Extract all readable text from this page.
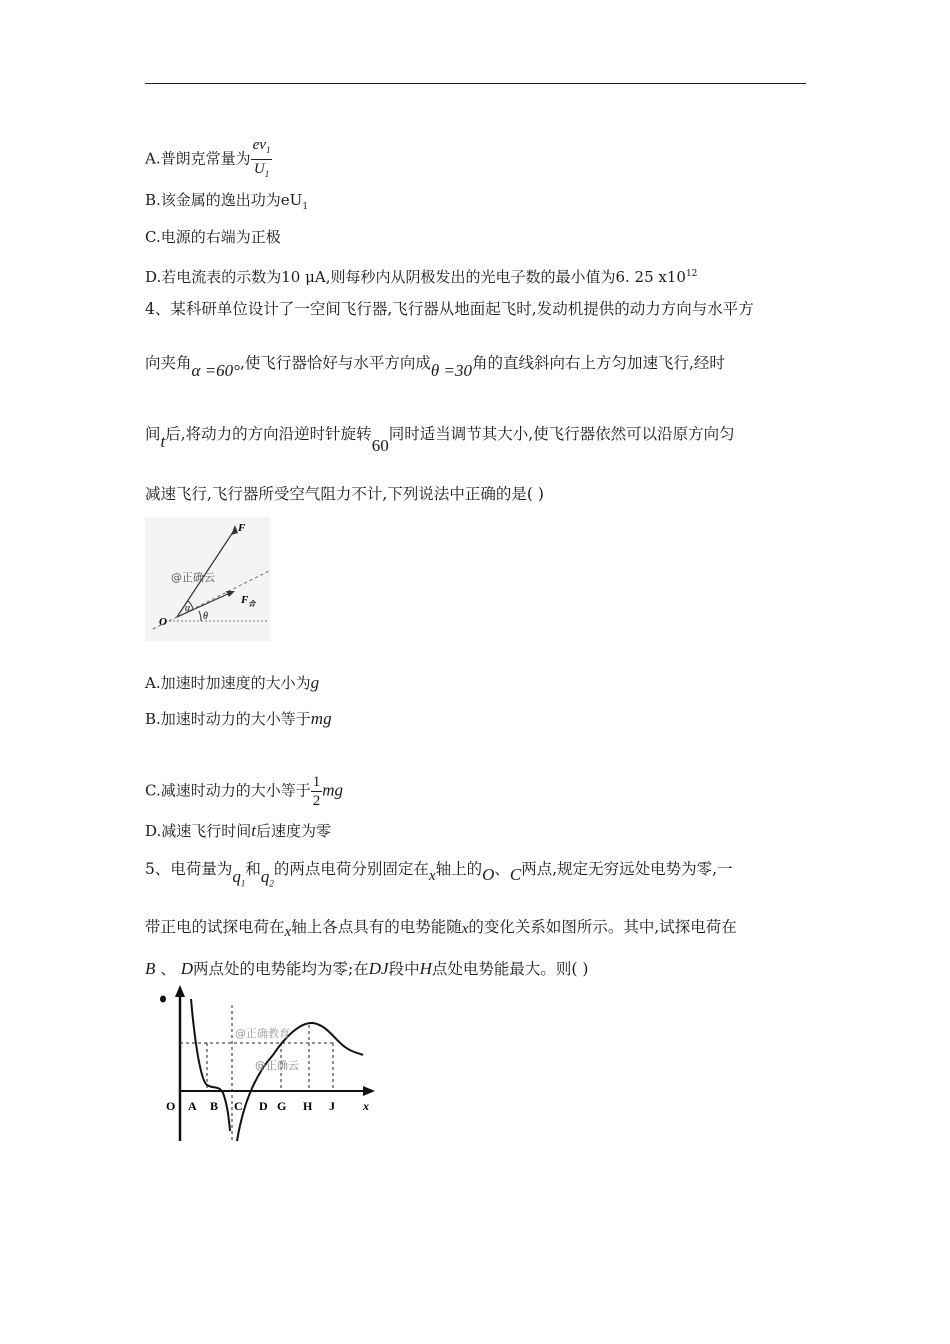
A.普朗克常量为 $\frac{ev_1}{U_1}$
B.该金属的逸出功为$eU_1$
C.电源的右端为正极
D.若电流表的示数为10 μA,则每秒内从阴极发出的光电子数的最小值为6. 25 $x10^{12}$
4、某科研单位设计了一空间飞行器,飞行器从地面起飞时,发动机提供的动力方向与水平方
向夹角α =60°,使飞行器恰好与水平方向成θ =30角的直线斜向右上方匀加速飞行,经时
间t后,将动力的方向沿逆时针旋转60同时适当调节其大小,使飞行器依然可以沿原方向匀
减速飞行,飞行器所受空气阻力不计,下列说法中正确的是( )
F
$F_合$
O
α
θ
@正确云
A.加速时加速度的大小为g
B.加速时动力的大小等于mg
C.减速时动力的大小等于 $\frac{1}{2}$ mg
D.减速飞行时间t后速度为零
5、电荷量为$q_1$和$q_2$的两点电荷分别固定在x轴上的O、C两点,规定无穷远处电势为零,一
带正电的试探电荷在x轴上各点具有的电势能随x的变化关系如图所示。其中,试探电荷在
B 、 D两点处的电势能均为零;在DJ段中H点处电势能最大。则( )
O A B C D G H J x
@正确教育
@正确云
